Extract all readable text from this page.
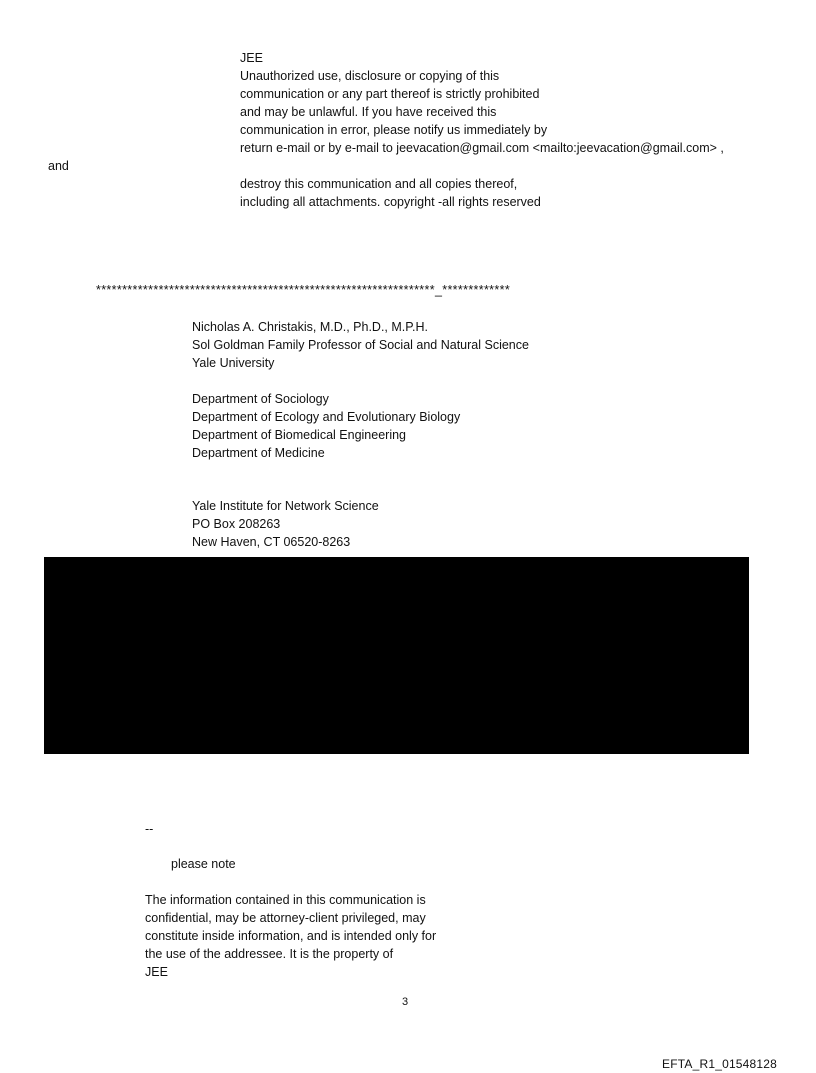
JEE
Unauthorized use, disclosure or copying of this
communication or any part thereof is strictly prohibited
and may be unlawful. If you have received this
communication in error, please notify us immediately by
return e-mail or by e-mail to jeevacation@gmail.com <mailto:jeevacation@gmail.com> ,
and
destroy this communication and all copies thereof,
including all attachments. copyright -all rights reserved
*****************************************************************_*************
Nicholas A. Christakis, M.D., Ph.D., M.P.H.
Sol Goldman Family Professor of Social and Natural Science
Yale University
Department of Sociology
Department of Ecology and Evolutionary Biology
Department of Biomedical Engineering
Department of Medicine
Yale Institute for Network Science
PO Box 208263
New Haven, CT 06520-8263
--
please note
The information contained in this communication is
confidential, may be attorney-client privileged, may
constitute inside information, and is intended only for
the use of the addressee. It is the property of
JEE
3
EFTA_R1_01548128
